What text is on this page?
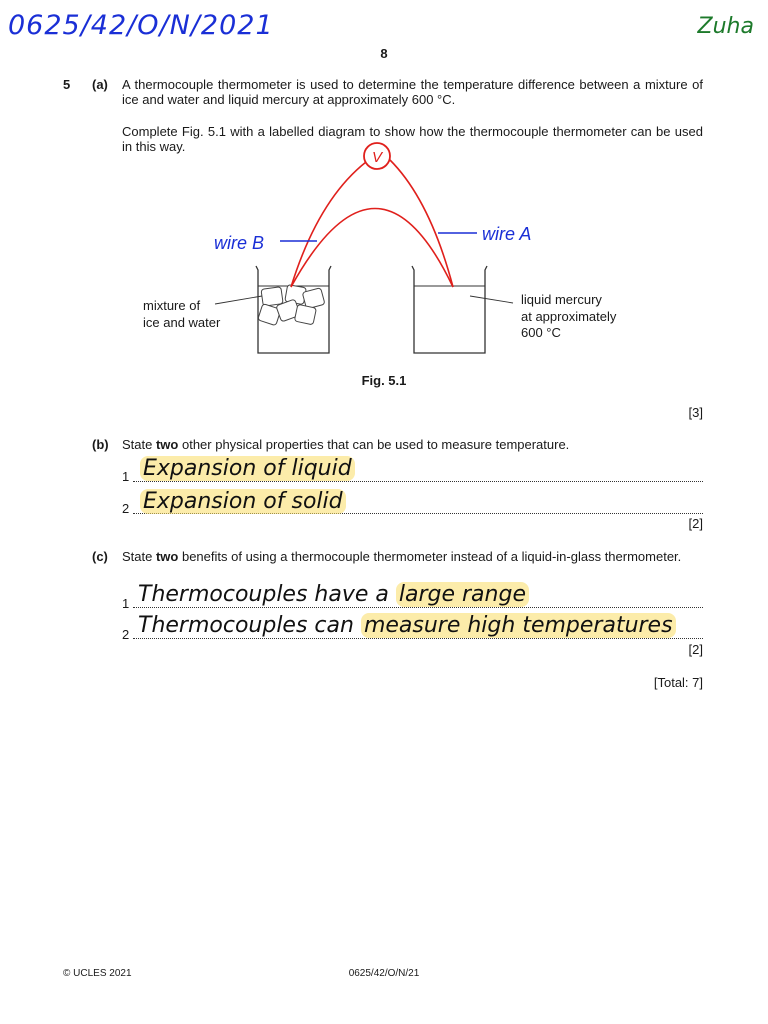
0625/42/O/N/2021	Zuha
8
5 (a) A thermocouple thermometer is used to determine the temperature difference between a mixture of ice and water and liquid mercury at approximately 600 °C.
Complete Fig. 5.1 with a labelled diagram to show how the thermocouple thermometer can be used in this way.
V
wire B	wire A
mixture of
ice and water
liquid mercury
at approximately
600 °C
Fig. 5.1
[3]
(b) State two other physical properties that can be used to measure temperature.
1 Expansion of liquid
2 Expansion of solid
[2]
(c) State two benefits of using a thermocouple thermometer instead of a liquid-in-glass thermometer.
1 Thermocouples have a large range
2 Thermocouples can measure high temperatures
[2]
[Total: 7]
© UCLES 2021	0625/42/O/N/21
